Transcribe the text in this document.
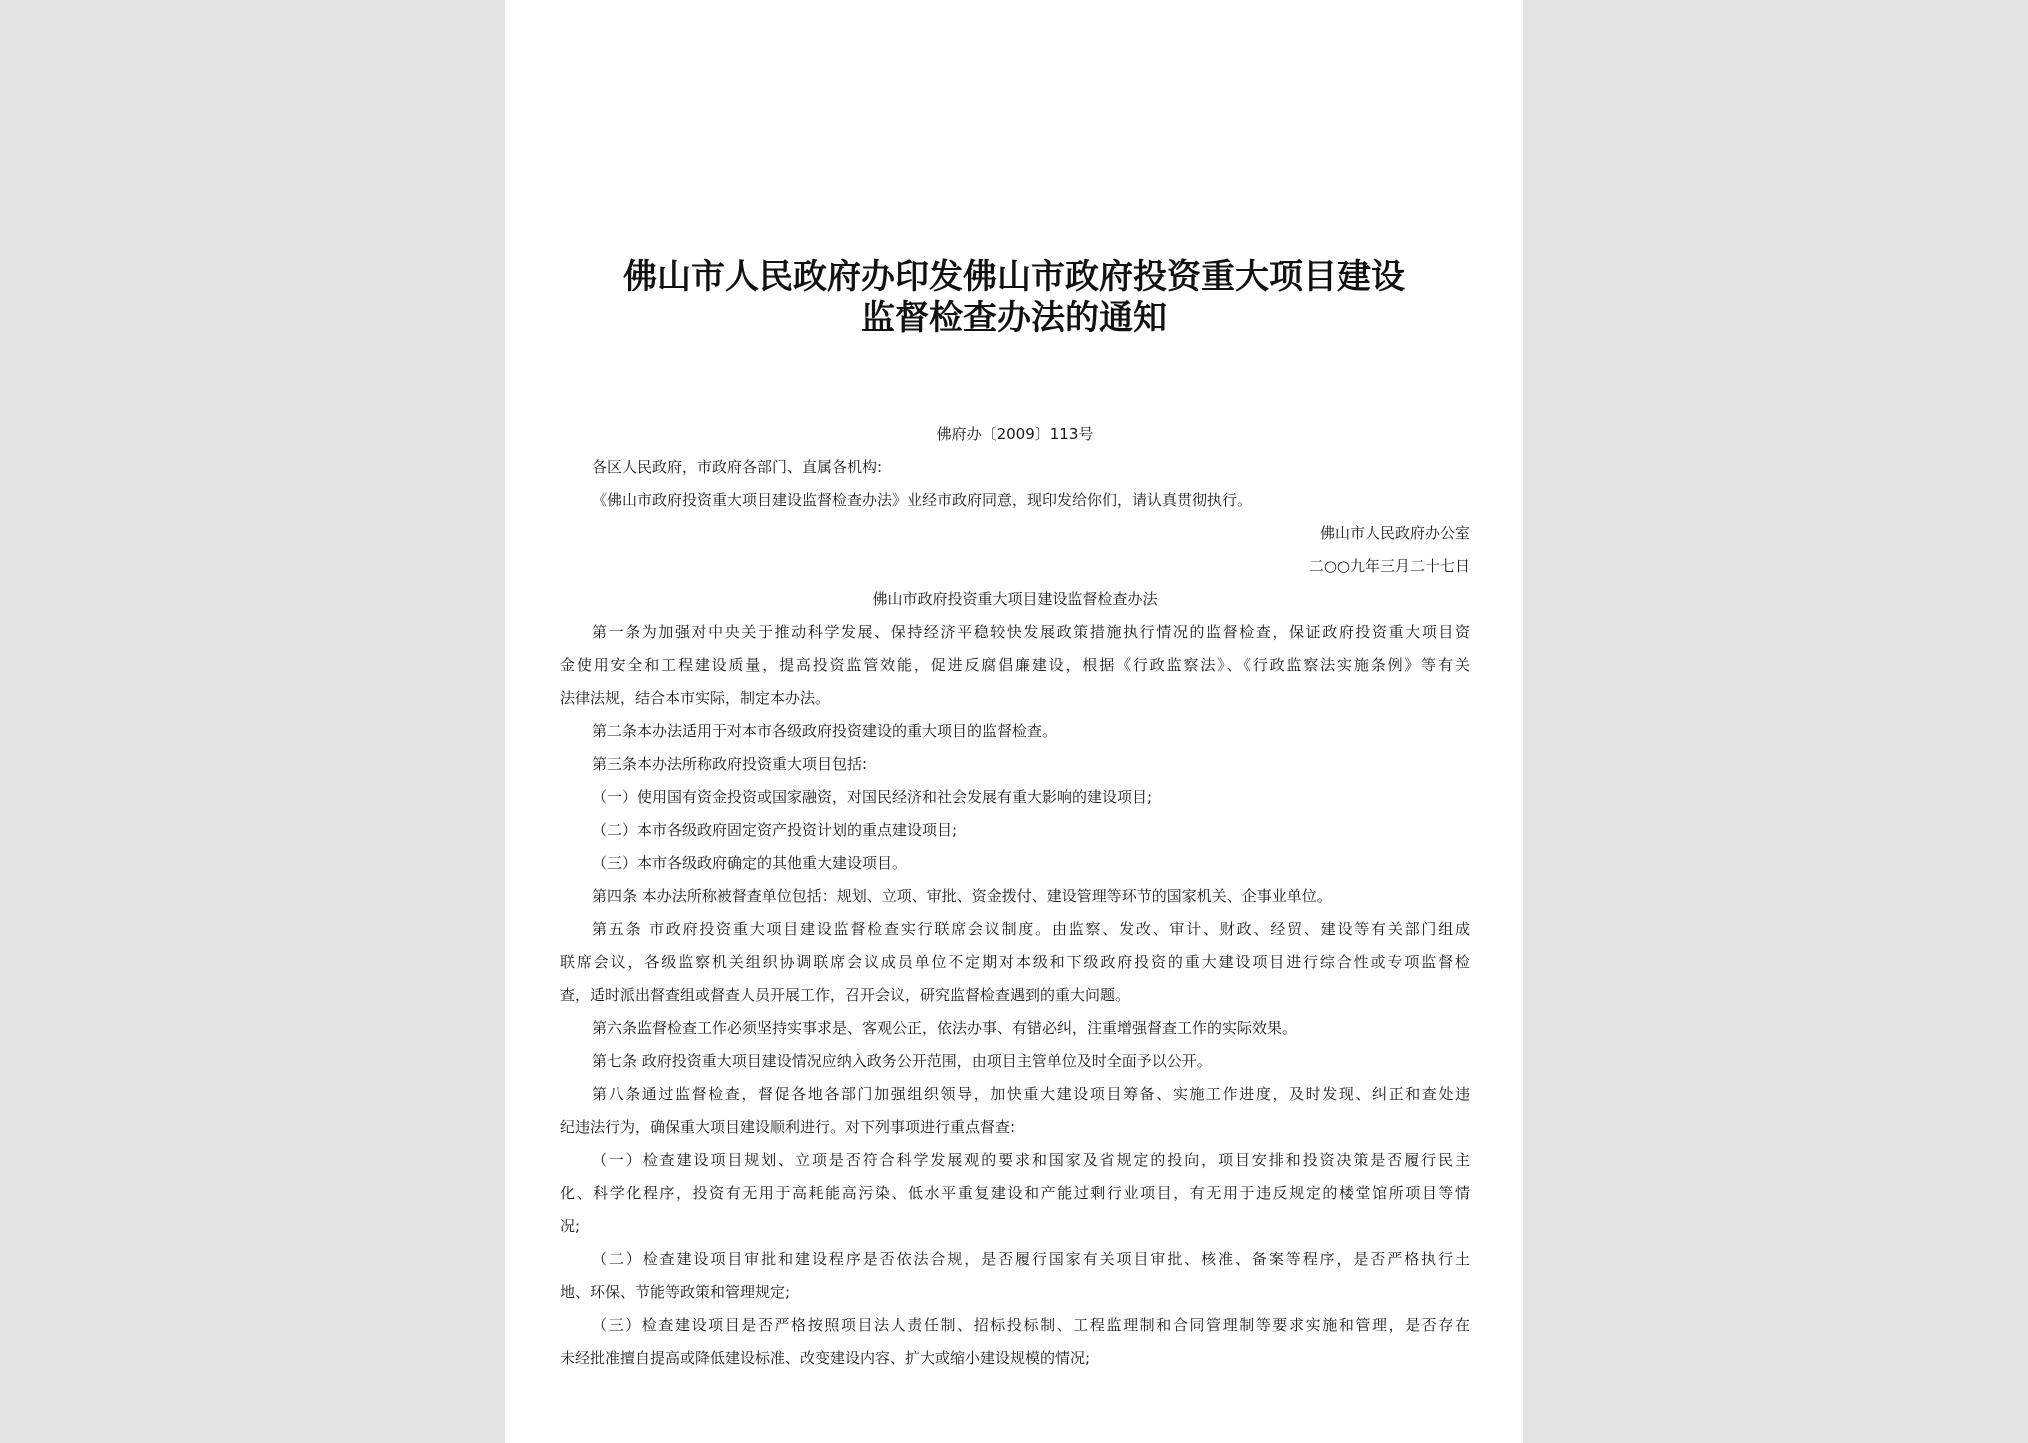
佛山市人民政府办印发佛山市政府投资重大项目建设
监督检查办法的通知
佛府办〔2009〕113号
各区人民政府，市政府各部门、直属各机构:
《佛山市政府投资重大项目建设监督检查办法》业经市政府同意，现印发给你们，请认真贯彻执行。
佛山市人民政府办公室
二○○九年三月二十七日
佛山市政府投资重大项目建设监督检查办法
第一条为加强对中央关于推动科学发展、保持经济平稳较快发展政策措施执行情况的监督检查，保证政府投资重大项目资
金使用安全和工程建设质量，提高投资监管效能，促进反腐倡廉建设，根据《行政监察法》、《行政监察法实施条例》等有关
法律法规，结合本市实际，制定本办法。
第二条本办法适用于对本市各级政府投资建设的重大项目的监督检查。
第三条本办法所称政府投资重大项目包括:
（一）使用国有资金投资或国家融资，对国民经济和社会发展有重大影响的建设项目;
（二）本市各级政府固定资产投资计划的重点建设项目;
（三）本市各级政府确定的其他重大建设项目。
第四条 本办法所称被督查单位包括：规划、立项、审批、资金拨付、建设管理等环节的国家机关、企事业单位。
第五条 市政府投资重大项目建设监督检查实行联席会议制度。由监察、发改、审计、财政、经贸、建设等有关部门组成
联席会议，各级监察机关组织协调联席会议成员单位不定期对本级和下级政府投资的重大建设项目进行综合性或专项监督检
查，适时派出督查组或督查人员开展工作，召开会议，研究监督检查遇到的重大问题。
第六条监督检查工作必须坚持实事求是、客观公正，依法办事、有错必纠，注重增强督查工作的实际效果。
第七条 政府投资重大项目建设情况应纳入政务公开范围，由项目主管单位及时全面予以公开。
第八条通过监督检查，督促各地各部门加强组织领导，加快重大建设项目筹备、实施工作进度，及时发现、纠正和查处违
纪违法行为，确保重大项目建设顺利进行。对下列事项进行重点督查:
（一）检查建设项目规划、立项是否符合科学发展观的要求和国家及省规定的投向，项目安排和投资决策是否履行民主
化、科学化程序，投资有无用于高耗能高污染、低水平重复建设和产能过剩行业项目，有无用于违反规定的楼堂馆所项目等情
况;
（二）检查建设项目审批和建设程序是否依法合规，是否履行国家有关项目审批、核准、备案等程序，是否严格执行土
地、环保、节能等政策和管理规定;
（三）检查建设项目是否严格按照项目法人责任制、招标投标制、工程监理制和合同管理制等要求实施和管理，是否存在
未经批准擅自提高或降低建设标准、改变建设内容、扩大或缩小建设规模的情况;
